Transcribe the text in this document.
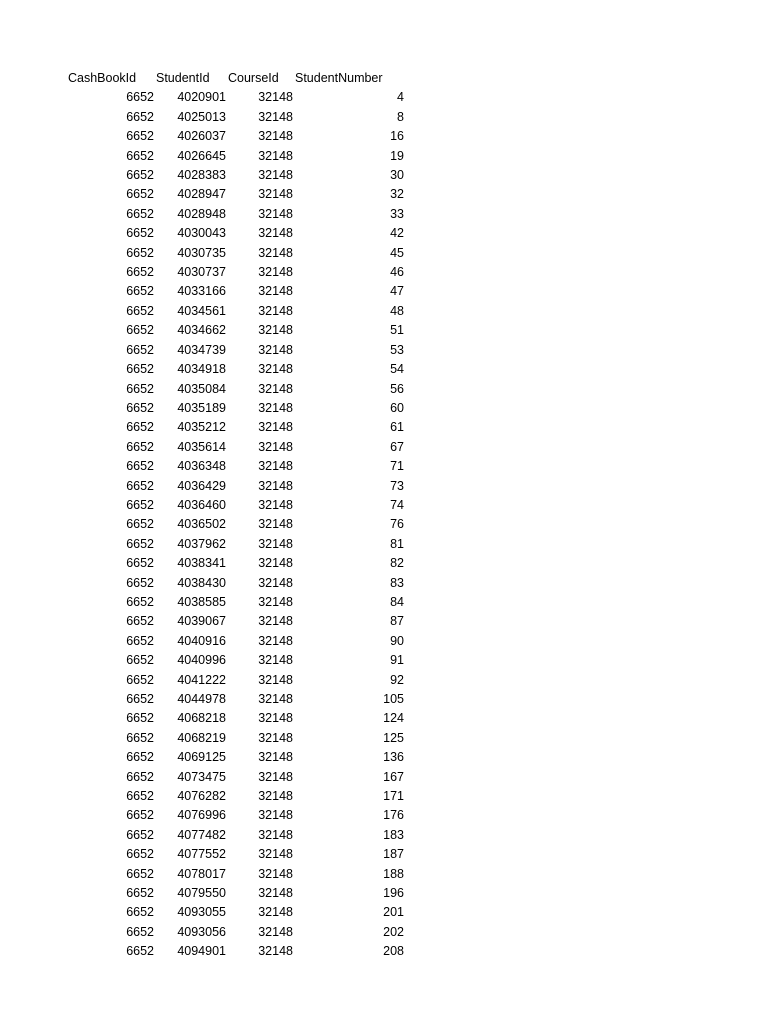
CashBookId	StudentId	CourseId	StudentNumber
6652	4020901	32148	4
6652	4025013	32148	8
6652	4026037	32148	16
6652	4026645	32148	19
6652	4028383	32148	30
6652	4028947	32148	32
6652	4028948	32148	33
6652	4030043	32148	42
6652	4030735	32148	45
6652	4030737	32148	46
6652	4033166	32148	47
6652	4034561	32148	48
6652	4034662	32148	51
6652	4034739	32148	53
6652	4034918	32148	54
6652	4035084	32148	56
6652	4035189	32148	60
6652	4035212	32148	61
6652	4035614	32148	67
6652	4036348	32148	71
6652	4036429	32148	73
6652	4036460	32148	74
6652	4036502	32148	76
6652	4037962	32148	81
6652	4038341	32148	82
6652	4038430	32148	83
6652	4038585	32148	84
6652	4039067	32148	87
6652	4040916	32148	90
6652	4040996	32148	91
6652	4041222	32148	92
6652	4044978	32148	105
6652	4068218	32148	124
6652	4068219	32148	125
6652	4069125	32148	136
6652	4073475	32148	167
6652	4076282	32148	171
6652	4076996	32148	176
6652	4077482	32148	183
6652	4077552	32148	187
6652	4078017	32148	188
6652	4079550	32148	196
6652	4093055	32148	201
6652	4093056	32148	202
6652	4094901	32148	208
